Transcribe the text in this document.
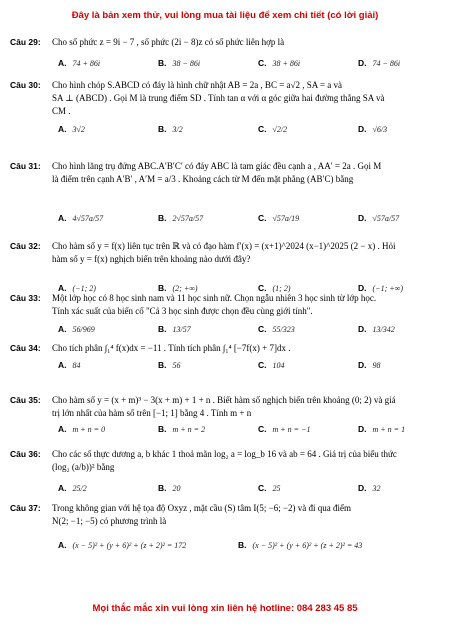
Đây là bản xem thử, vui lòng mua tài liệu để xem chi tiết (có lời giải)
Câu 29: Cho số phức z = 9i − 7 , số phức (2i − 8)z có số phức liên hợp là
A. 74 + 86i	B. 38 − 86i	C. 38 + 86i	D. 74 − 86i
Câu 30: Cho hình chóp S.ABCD có đáy là hình chữ nhật AB = 2a , BC = a√2 , SA = a và
SA ⊥ (ABCD) . Gọi M là trung điểm SD . Tính tan α với α góc giữa hai đường thẳng SA và
CM .
A. 3√2	B. 3/2	C. √2/2	D. √6/3
Câu 31: Cho hình lăng trụ đứng ABC.A′B′C′ có đáy ABC là tam giác đều cạnh a , AA′ = 2a . Gọi M
là điểm trên cạnh A′B′ , A′M = a/3 . Khoảng cách từ M đến mặt phẳng (AB′C) bằng
A. 4√57a/57	B. 2√57a/57	C. √57a/19	D. √57a/57
Câu 32: Cho hàm số y = f(x) liên tục trên ℝ và có đạo hàm f′(x) = (x+1)^2024 (x−1)^2025 (2 − x) . Hỏi
hàm số y = f(x) nghịch biến trên khoảng nào dưới đây?
A. (−1; 2)	B. (2; +∞)	C. (1; 2)	D. (−1; +∞)
Câu 33: Một lớp học có 8 học sinh nam và 11 học sinh nữ. Chọn ngẫu nhiên 3 học sinh từ lớp học.
Tính xác suất của biến cố "Cả 3 học sinh được chọn đều cùng giới tính".
A. 56/969	B. 13/57	C. 55/323	D. 13/342
Câu 34: Cho tích phân ∫₁⁴ f(x)dx = −11 . Tính tích phân ∫₁⁴ [−7f(x) + 7]dx .
A. 84	B. 56	C. 104	D. 98
Câu 35: Cho hàm số y = (x + m)³ − 3(x + m) + 1 + n . Biết hàm số nghịch biến trên khoảng (0; 2) và giá
trị lớn nhất của hàm số trên [−1; 1] bằng 4 . Tính m + n
A. m + n = 0	B. m + n = 2	C. m + n = −1	D. m + n = 1
Câu 36: Cho các số thực dương a, b khác 1 thoả mãn log₂ a = log_b 16 và ab = 64 . Giá trị của biểu thức
(log₂ (a/b))² bằng
A. 25/2	B. 20	C. 25	D. 32
Câu 37: Trong không gian với hệ tọa độ Oxyz , mặt cầu (S) tâm I(5; −6; −2) và đi qua điểm
N(2; −1; −5) có phương trình là
A. (x − 5)² + (y + 6)² + (z + 2)² = 172	B. (x − 5)² + (y + 6)² + (z + 2)² = 43
Mọi thắc mắc xin vui lòng xin liên hệ hotline: 084 283 45 85
